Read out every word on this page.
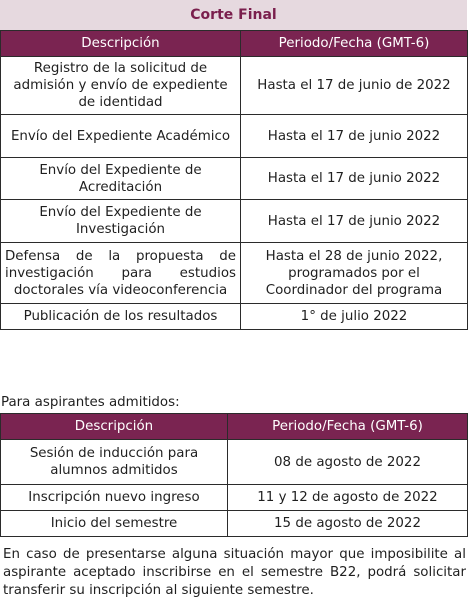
Corte Final
Descripción	Periodo/Fecha (GMT-6)
Registro de la solicitud de admisión y envío de expediente de identidad	Hasta el 17 de junio de 2022
Envío del Expediente Académico	Hasta el 17 de junio 2022
Envío del Expediente de Acreditación	Hasta el 17 de junio 2022
Envío del Expediente de Investigación	Hasta el 17 de junio 2022
Defensa de la propuesta de investigación para estudios doctorales vía videoconferencia	Hasta el 28 de junio 2022, programados por el Coordinador del programa
Publicación de los resultados	1° de julio 2022
Para aspirantes admitidos:
Descripción	Periodo/Fecha (GMT-6)
Sesión de inducción para alumnos admitidos	08 de agosto de 2022
Inscripción nuevo ingreso	11 y 12 de agosto de 2022
Inicio del semestre	15 de agosto de 2022
En caso de presentarse alguna situación mayor que imposibilite al aspirante aceptado inscribirse en el semestre B22, podrá solicitar transferir su inscripción al siguiente semestre.
